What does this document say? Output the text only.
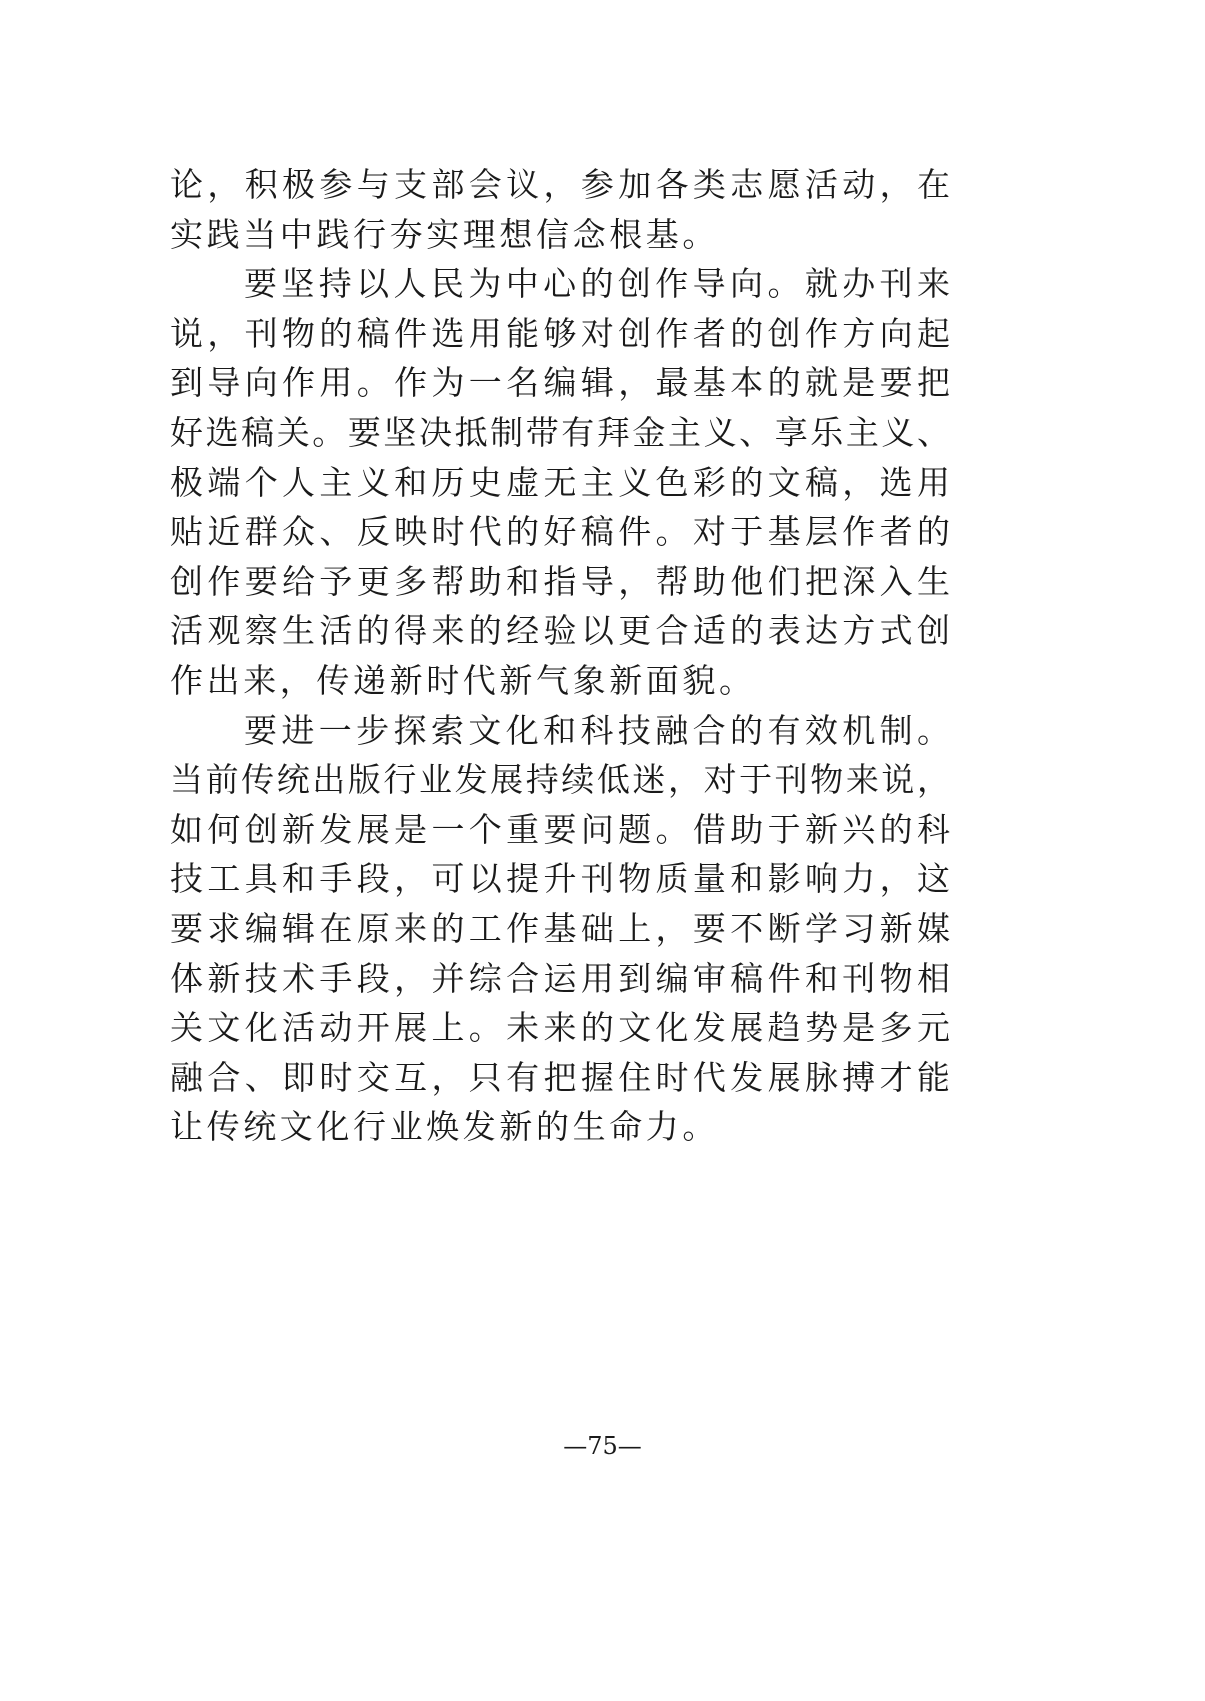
论，积极参与支部会议，参加各类志愿活动，在
实践当中践行夯实理想信念根基。
要坚持以人民为中心的创作导向。就办刊来
说，刊物的稿件选用能够对创作者的创作方向起
到导向作用。作为一名编辑，最基本的就是要把
好选稿关。要坚决抵制带有拜金主义、享乐主义、
极端个人主义和历史虚无主义色彩的文稿，选用
贴近群众、反映时代的好稿件。对于基层作者的
创作要给予更多帮助和指导，帮助他们把深入生
活观察生活的得来的经验以更合适的表达方式创
作出来，传递新时代新气象新面貌。
要进一步探索文化和科技融合的有效机制。
当前传统出版行业发展持续低迷，对于刊物来说，
如何创新发展是一个重要问题。借助于新兴的科
技工具和手段，可以提升刊物质量和影响力，这
要求编辑在原来的工作基础上，要不断学习新媒
体新技术手段，并综合运用到编审稿件和刊物相
关文化活动开展上。未来的文化发展趋势是多元
融合、即时交互，只有把握住时代发展脉搏才能
让传统文化行业焕发新的生命力。
—75—
